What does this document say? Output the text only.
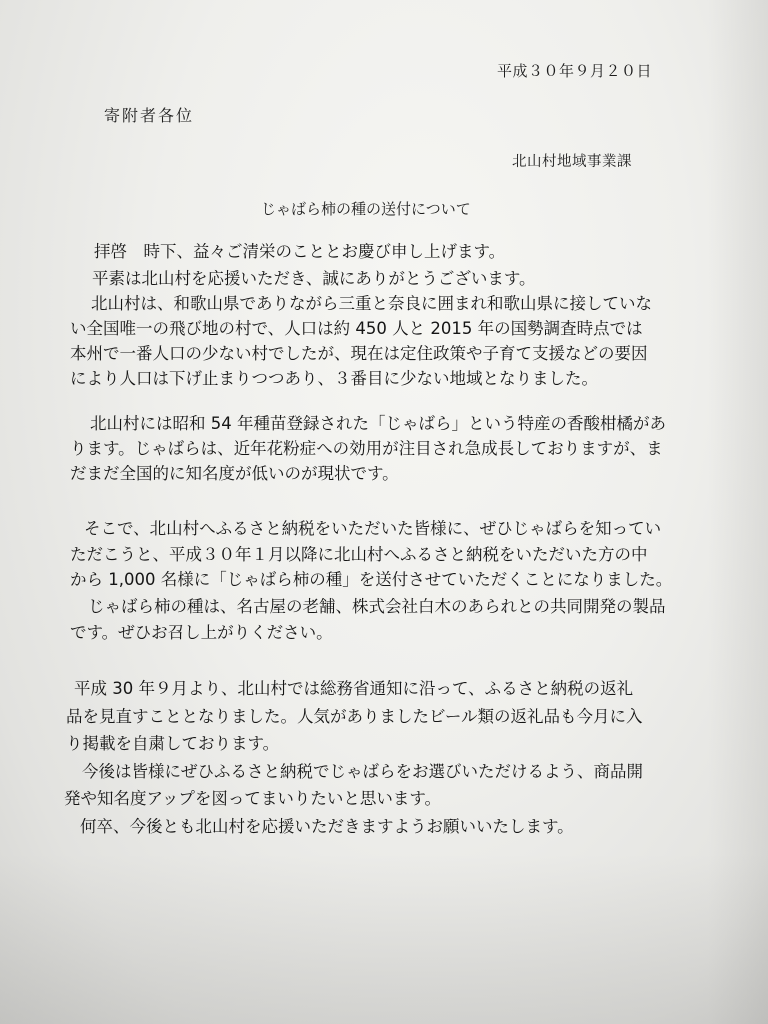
平成３０年９月２０日

寄附者各位

北山村地域事業課

じゃばら柿の種の送付について

拝啓　時下、益々ご清栄のこととお慶び申し上げます。

平素は北山村を応援いただき、誠にありがとうございます。

北山村は、和歌山県でありながら三重と奈良に囲まれ和歌山県に接していな

い全国唯一の飛び地の村で、人口は約 450 人と 2015 年の国勢調査時点では

本州で一番人口の少ない村でしたが、現在は定住政策や子育て支援などの要因

により人口は下げ止まりつつあり、３番目に少ない地域となりました。

北山村には昭和 54 年種苗登録された「じゃばら」という特産の香酸柑橘があ

ります。じゃばらは、近年花粉症への効用が注目され急成長しておりますが、ま

だまだ全国的に知名度が低いのが現状です。

そこで、北山村へふるさと納税をいただいた皆様に、ぜひじゃばらを知ってい

ただこうと、平成３０年１月以降に北山村へふるさと納税をいただいた方の中

から 1,000 名様に「じゃばら柿の種」を送付させていただくことになりました。

じゃばら柿の種は、名古屋の老舗、株式会社白木のあられとの共同開発の製品

です。ぜひお召し上がりください。

平成 30 年９月より、北山村では総務省通知に沿って、ふるさと納税の返礼

品を見直すこととなりました。人気がありましたビール類の返礼品も今月に入

り掲載を自粛しております。

今後は皆様にぜひふるさと納税でじゃばらをお選びいただけるよう、商品開

発や知名度アップを図ってまいりたいと思います。

何卒、今後とも北山村を応援いただきますようお願いいたします。
